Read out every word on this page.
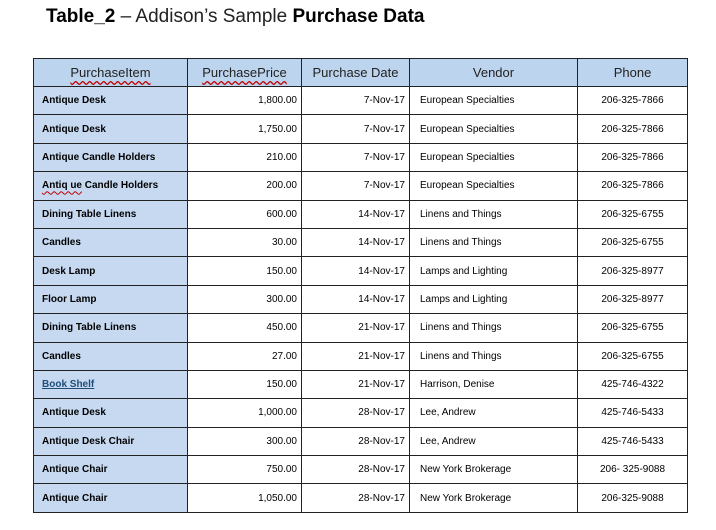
Table_2 – Addison’s Sample Purchase Data
PurchaseItem	PurchasePrice	Purchase Date	Vendor	Phone
Antique Desk	1,800.00	7-Nov-17	European Specialties	206-325-7866
Antique Desk	1,750.00	7-Nov-17	European Specialties	206-325-7866
Antique Candle Holders	210.00	7-Nov-17	European Specialties	206-325-7866
Antiq ue Candle Holders	200.00	7-Nov-17	European Specialties	206-325-7866
Dining Table Linens	600.00	14-Nov-17	Linens and Things	206-325-6755
Candles	30.00	14-Nov-17	Linens and Things	206-325-6755
Desk Lamp	150.00	14-Nov-17	Lamps and Lighting	206-325-8977
Floor Lamp	300.00	14-Nov-17	Lamps and Lighting	206-325-8977
Dining Table Linens	450.00	21-Nov-17	Linens and Things	206-325-6755
Candles	27.00	21-Nov-17	Linens and Things	206-325-6755
Book Shelf	150.00	21-Nov-17	Harrison, Denise	425-746-4322
Antique Desk	1,000.00	28-Nov-17	Lee, Andrew	425-746-5433
Antique Desk Chair	300.00	28-Nov-17	Lee, Andrew	425-746-5433
Antique Chair	750.00	28-Nov-17	New York Brokerage	206- 325-9088
Antique Chair	1,050.00	28-Nov-17	New York Brokerage	206-325-9088
